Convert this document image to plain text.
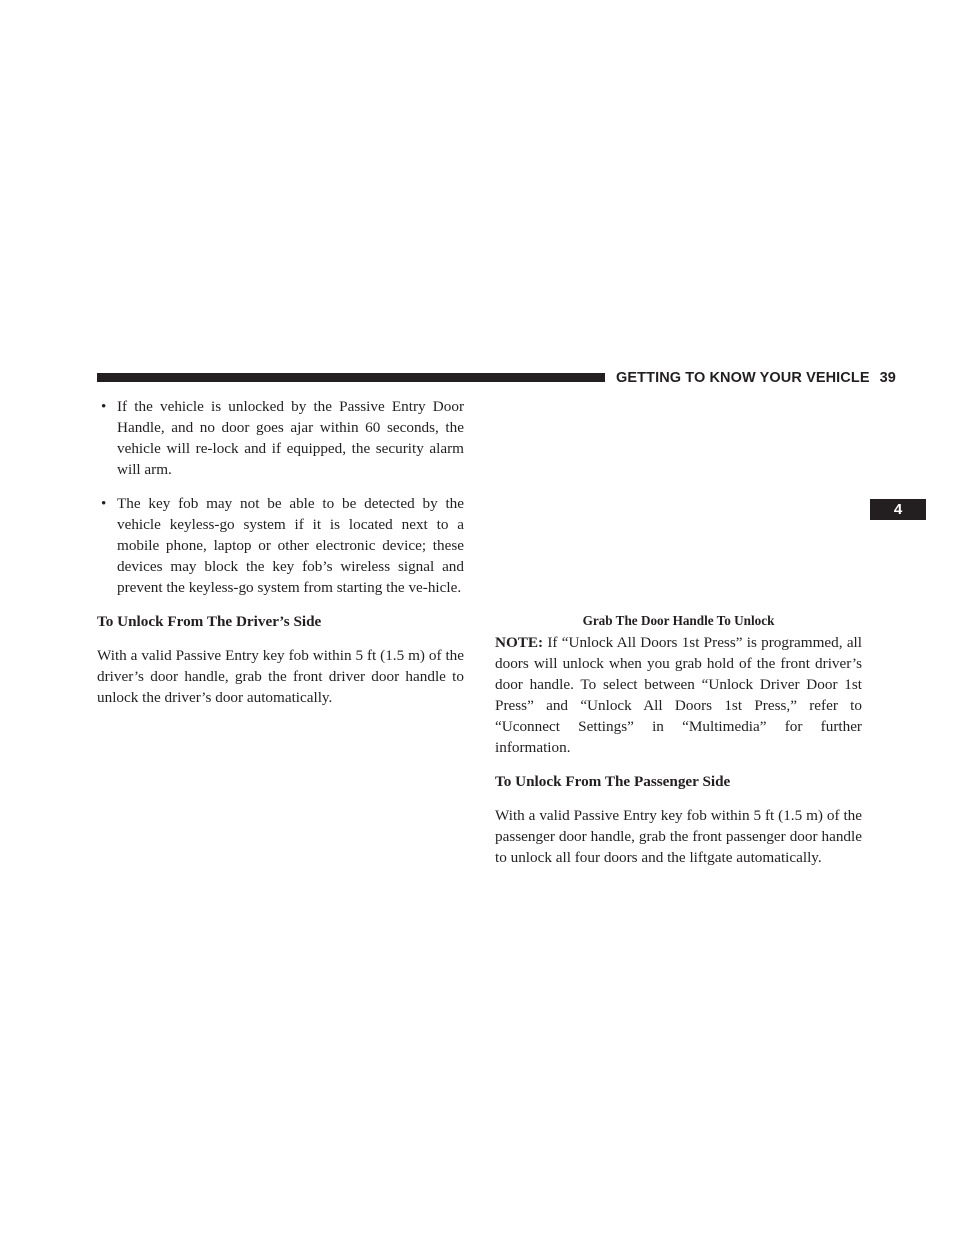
GETTING TO KNOW YOUR VEHICLE 39
4
• If the vehicle is unlocked by the Passive Entry Door Handle, and no door goes ajar within 60 seconds, the vehicle will re-lock and if equipped, the security alarm will arm.
• The key fob may not be able to be detected by the vehicle keyless-go system if it is located next to a mobile phone, laptop or other electronic device; these devices may block the key fob’s wireless signal and prevent the keyless-go system from starting the ve-hicle.
To Unlock From The Driver’s Side
With a valid Passive Entry key fob within 5 ft (1.5 m) of the driver’s door handle, grab the front driver door handle to unlock the driver’s door automatically.
Grab The Door Handle To Unlock
NOTE: If “Unlock All Doors 1st Press” is programmed, all doors will unlock when you grab hold of the front driver’s door handle. To select between “Unlock Driver Door 1st Press” and “Unlock All Doors 1st Press,” refer to “Uconnect Settings” in “Multimedia” for further information.
To Unlock From The Passenger Side
With a valid Passive Entry key fob within 5 ft (1.5 m) of the passenger door handle, grab the front passenger door handle to unlock all four doors and the liftgate automatically.
